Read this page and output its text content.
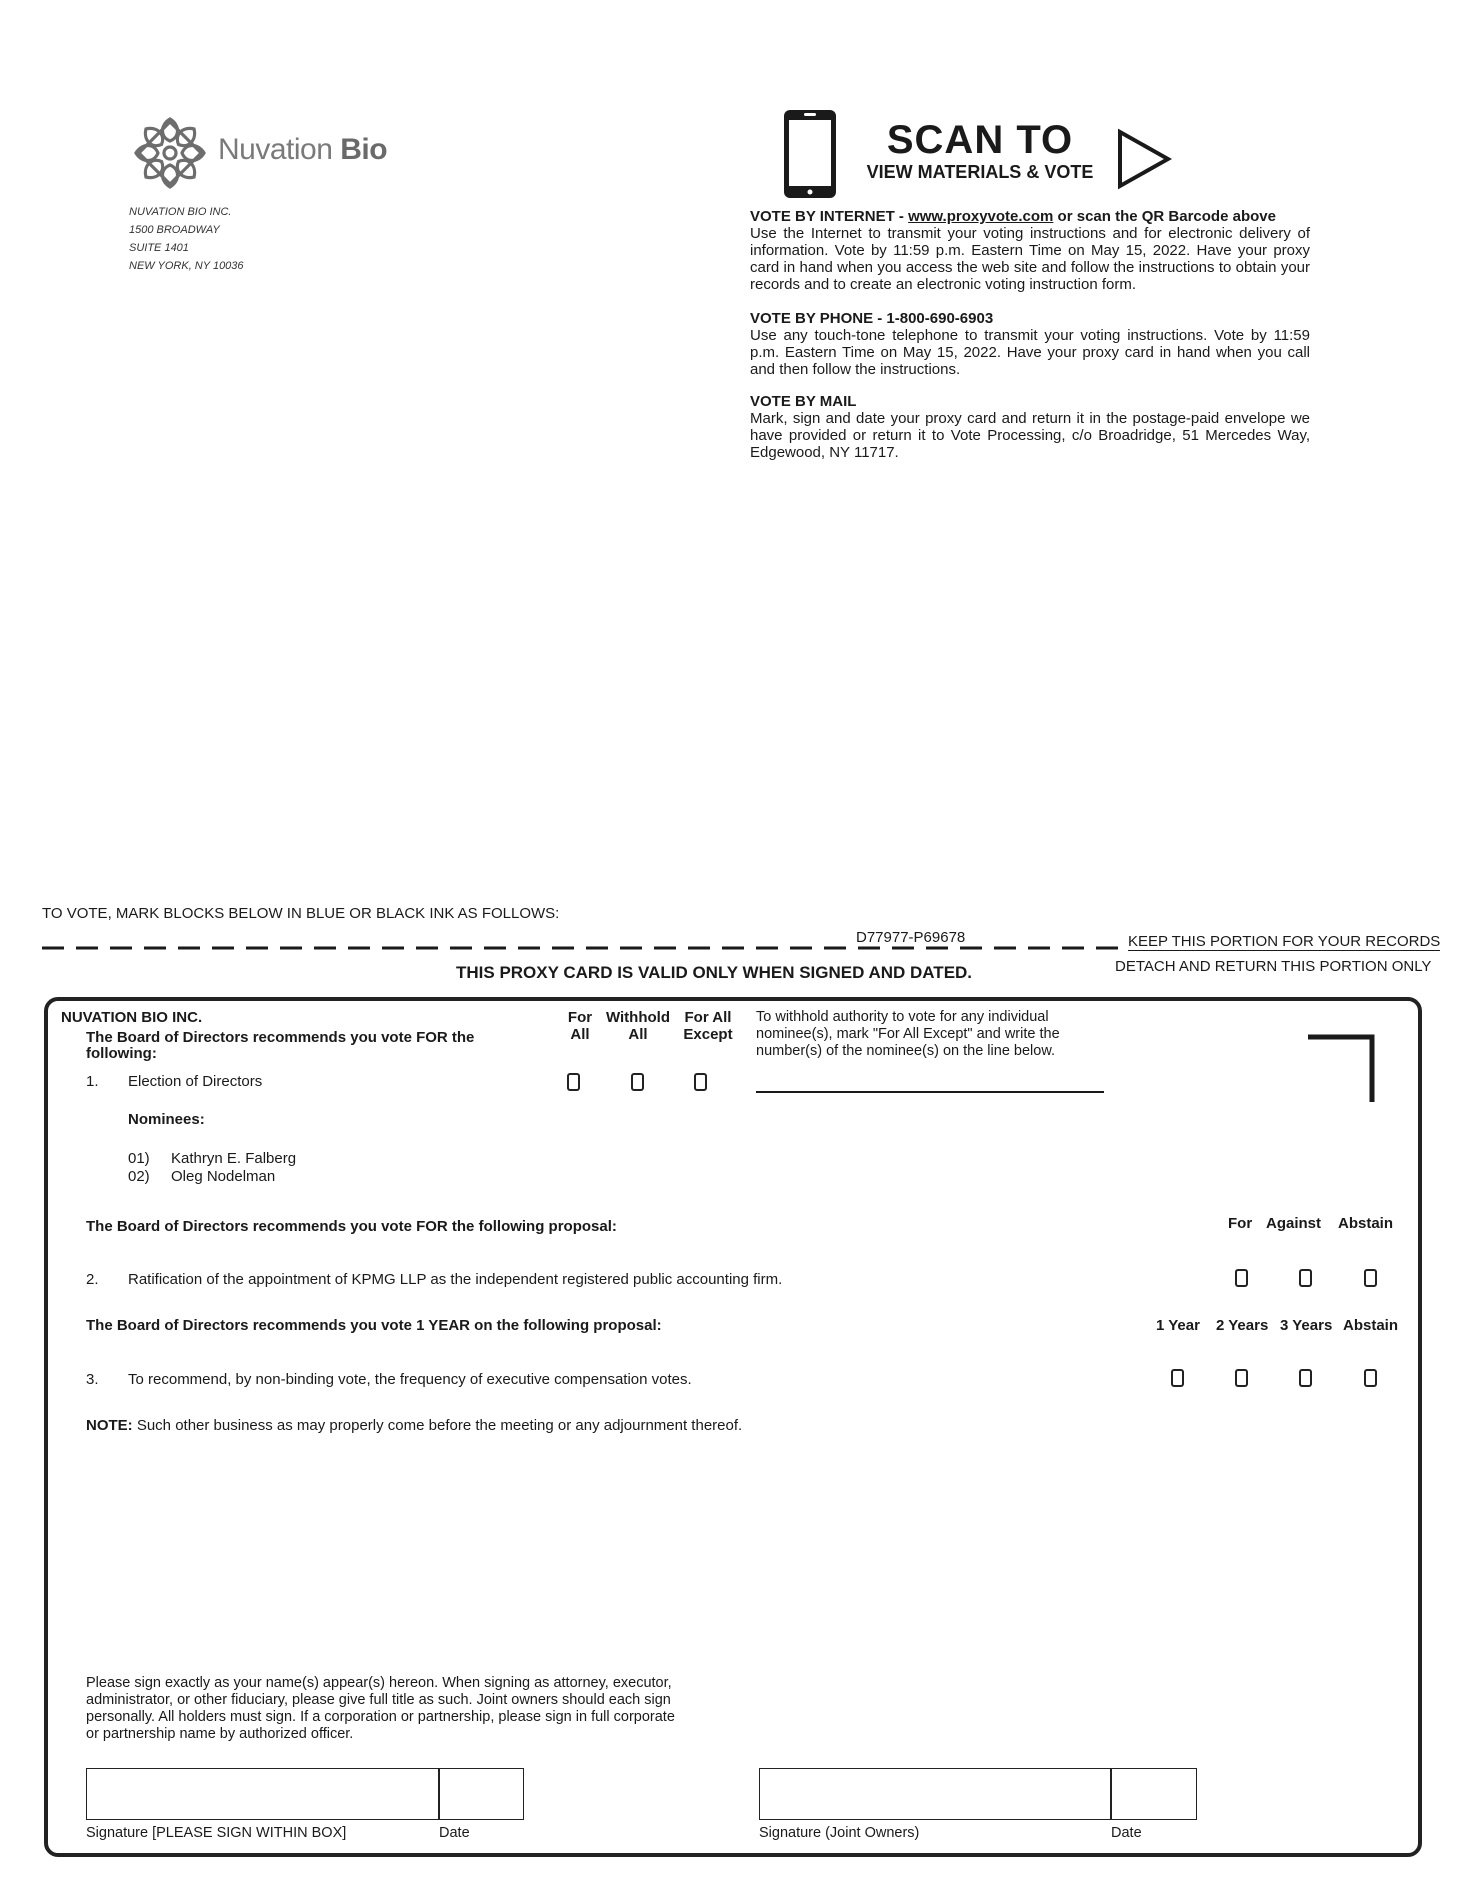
Nuvation Bio
NUVATION BIO INC.
1500 BROADWAY
SUITE 1401
NEW YORK, NY 10036
SCAN TO
VIEW MATERIALS & VOTE
VOTE BY INTERNET - www.proxyvote.com or scan the QR Barcode above
Use the Internet to transmit your voting instructions and for electronic delivery of information. Vote by 11:59 p.m. Eastern Time on May 15, 2022. Have your proxy card in hand when you access the web site and follow the instructions to obtain your records and to create an electronic voting instruction form.
VOTE BY PHONE - 1-800-690-6903
Use any touch-tone telephone to transmit your voting instructions. Vote by 11:59 p.m. Eastern Time on May 15, 2022. Have your proxy card in hand when you call and then follow the instructions.
VOTE BY MAIL
Mark, sign and date your proxy card and return it in the postage-paid envelope we have provided or return it to Vote Processing, c/o Broadridge, 51 Mercedes Way, Edgewood, NY 11717.
TO VOTE, MARK BLOCKS BELOW IN BLUE OR BLACK INK AS FOLLOWS:
D77977-P69678	KEEP THIS PORTION FOR YOUR RECORDS
DETACH AND RETURN THIS PORTION ONLY
THIS PROXY CARD IS VALID ONLY WHEN SIGNED AND DATED.
NUVATION BIO INC.
The Board of Directors recommends you vote FOR the
following:
For
All
Withhold
All
For All
Except
To withhold authority to vote for any individual
nominee(s), mark "For All Except" and write the
number(s) of the nominee(s) on the line below.
1. Election of Directors
Nominees:
01) Kathryn E. Falberg
02) Oleg Nodelman
The Board of Directors recommends you vote FOR the following proposal:	For Against Abstain
2. Ratification of the appointment of KPMG LLP as the independent registered public accounting firm.
The Board of Directors recommends you vote 1 YEAR on the following proposal:	1 Year 2 Years 3 Years Abstain
3. To recommend, by non-binding vote, the frequency of executive compensation votes.
NOTE: Such other business as may properly come before the meeting or any adjournment thereof.
Please sign exactly as your name(s) appear(s) hereon. When signing as attorney, executor,
administrator, or other fiduciary, please give full title as such. Joint owners should each sign
personally. All holders must sign. If a corporation or partnership, please sign in full corporate
or partnership name by authorized officer.
Signature [PLEASE SIGN WITHIN BOX]	Date	Signature (Joint Owners)	Date
